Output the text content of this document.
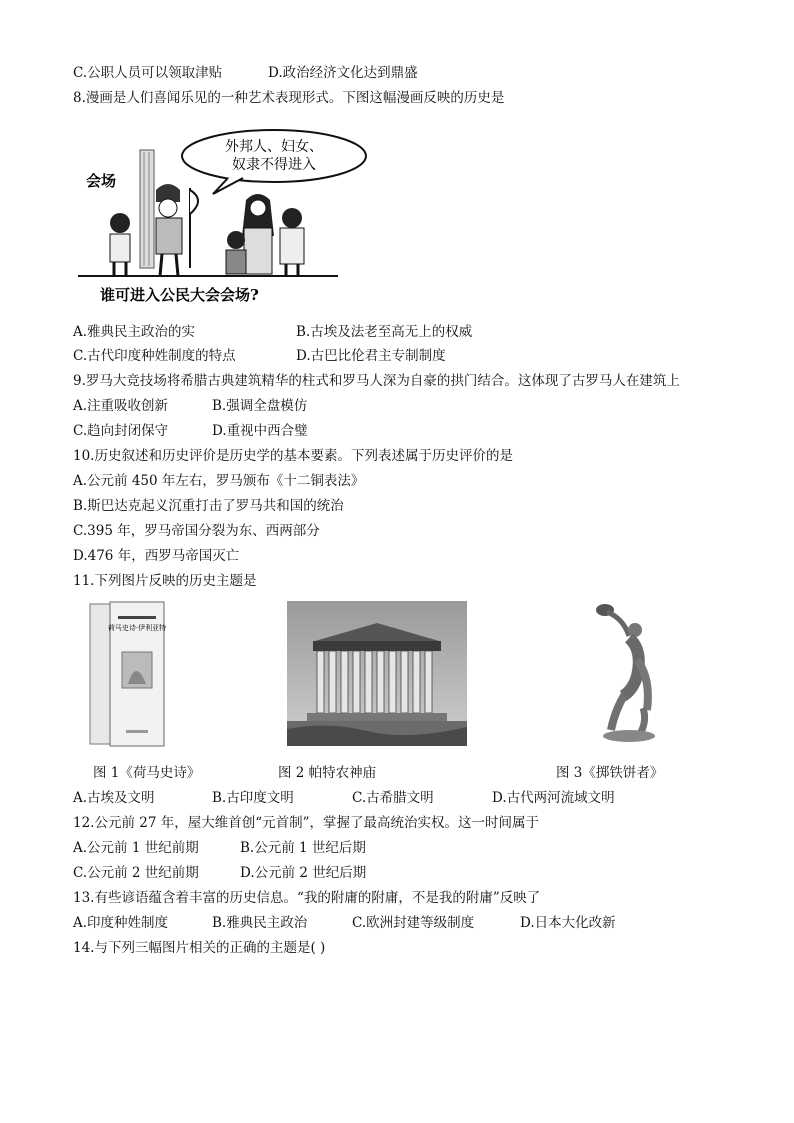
C.公职人员可以领取津贴	D.政治经济文化达到鼎盛
8.漫画是人们喜闻乐见的一种艺术表现形式。下图这幅漫画反映的历史是
外邦人、妇女、
奴隶不得进入
会场
谁可进入公民大会会场?
A.雅典民主政治的实	B.古埃及法老至高无上的权威
C.古代印度种姓制度的特点	D.古巴比伦君主专制制度
9.罗马大竞技场将希腊古典建筑精华的柱式和罗马人深为自豪的拱门结合。这体现了古罗马人在建筑上
A.注重吸收创新	B.强调全盘模仿
C.趋向封闭保守	D.重视中西合璧
10.历史叙述和历史评价是历史学的基本要素。下列表述属于历史评价的是
A.公元前 450 年左右，罗马颁布《十二铜表法》
B.斯巴达克起义沉重打击了罗马共和国的统治
C.395 年，罗马帝国分裂为东、西两部分
D.476 年，西罗马帝国灭亡
11.下列图片反映的历史主题是
荷马史诗·伊利亚特
图 1《荷马史诗》	图 2 帕特农神庙	图 3《掷铁饼者》
A.古埃及文明	B.古印度文明	C.古希腊文明	D.古代两河流域文明
12.公元前 27 年，屋大维首创“元首制”，掌握了最高统治实权。这一时间属于
A.公元前 1 世纪前期	B.公元前 1 世纪后期
C.公元前 2 世纪前期	D.公元前 2 世纪后期
13.有些谚语蕴含着丰富的历史信息。“我的附庸的附庸，不是我的附庸”反映了
A.印度种姓制度	B.雅典民主政治	C.欧洲封建等级制度	D.日本大化改新
14.与下列三幅图片相关的正确的主题是( )
